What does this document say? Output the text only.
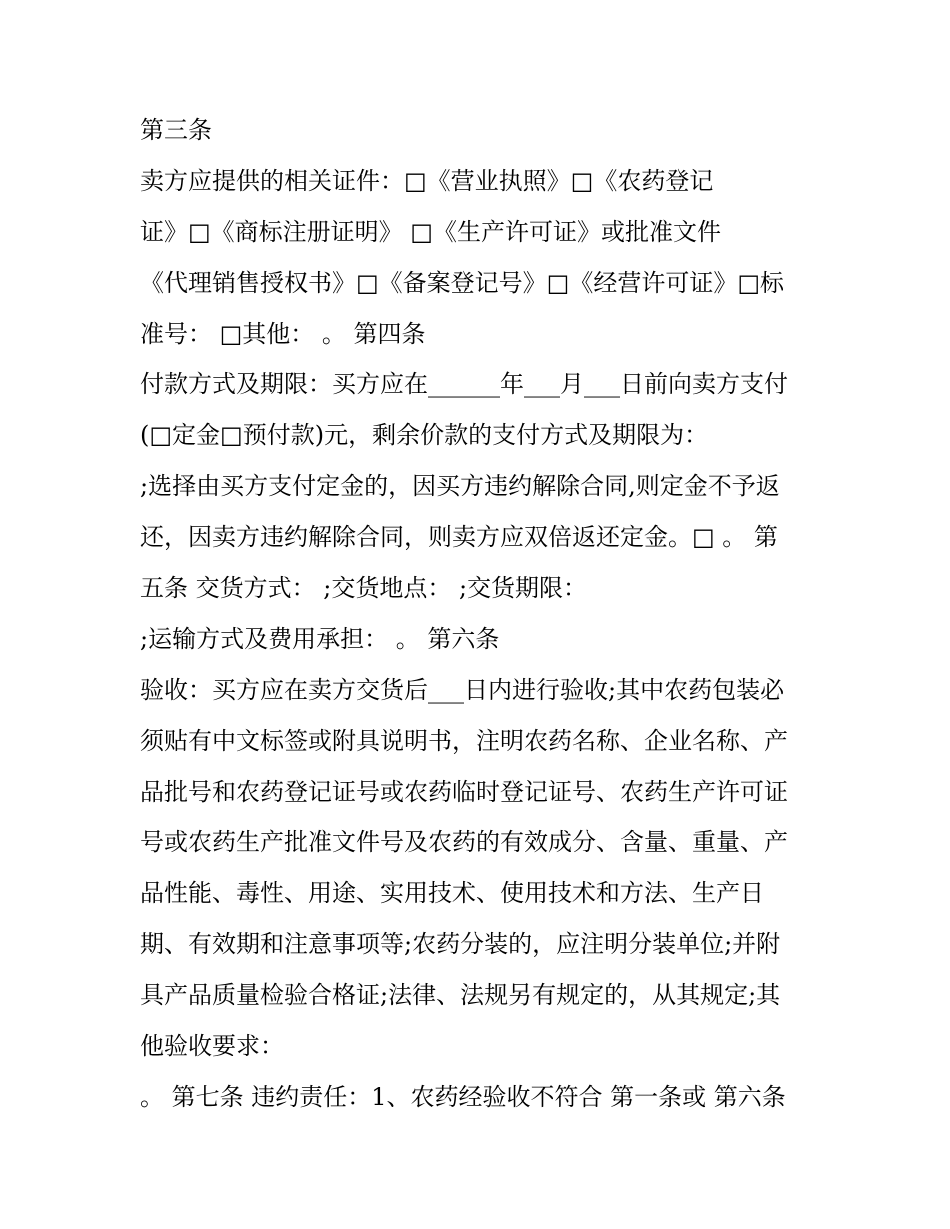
第三条
卖方应提供的相关证件：□《营业执照》□《农药登记
证》□《商标注册证明》 □《生产许可证》或批准文件
《代理销售授权书》□《备案登记号》□《经营许可证》□标
准号： □其他： 。 第四条
付款方式及期限：买方应在______年___月___日前向卖方支付
(□定金□预付款)元，剩余价款的支付方式及期限为：
;选择由买方支付定金的，因买方违约解除合同,则定金不予返
还，因卖方违约解除合同，则卖方应双倍返还定金。□ 。 第
五条 交货方式： ;交货地点： ;交货期限：
;运输方式及费用承担： 。 第六条
验收：买方应在卖方交货后___日内进行验收;其中农药包装必
须贴有中文标签或附具说明书，注明农药名称、企业名称、产
品批号和农药登记证号或农药临时登记证号、农药生产许可证
号或农药生产批准文件号及农药的有效成分、含量、重量、产
品性能、毒性、用途、实用技术、使用技术和方法、生产日
期、有效期和注意事项等;农药分装的，应注明分装单位;并附
具产品质量检验合格证;法律、法规另有规定的，从其规定;其
他验收要求：
。 第七条 违约责任：1、农药经验收不符合 第一条或 第六条
